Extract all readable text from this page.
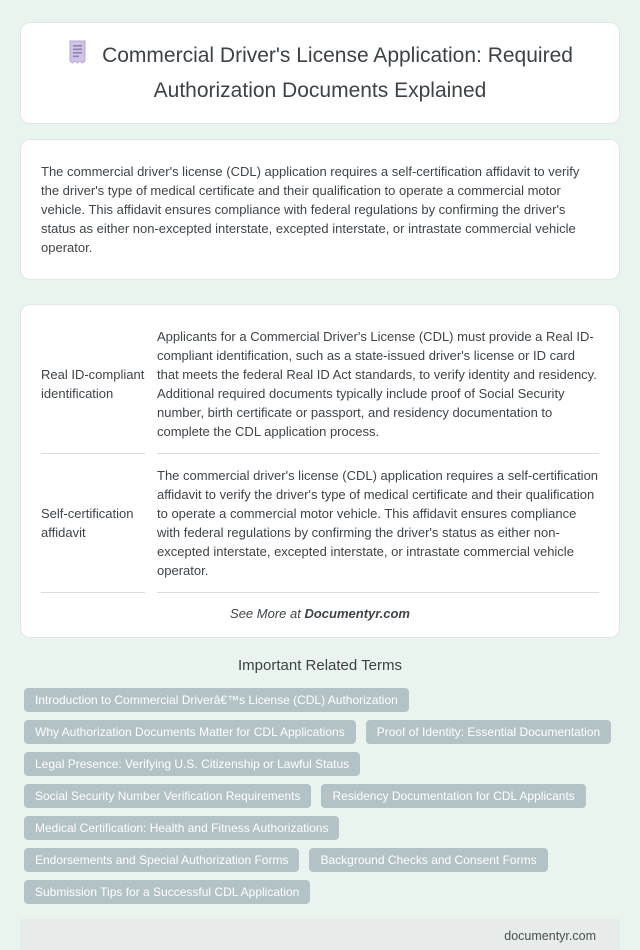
Commercial Driver's License Application: Required Authorization Documents Explained

The commercial driver's license (CDL) application requires a self-certification affidavit to verify the driver's type of medical certificate and their qualification to operate a commercial motor vehicle. This affidavit ensures compliance with federal regulations by confirming the driver's status as either non-excepted interstate, excepted interstate, or intrastate commercial vehicle operator.

Real ID-compliant identification
Applicants for a Commercial Driver's License (CDL) must provide a Real ID-compliant identification, such as a state-issued driver's license or ID card that meets the federal Real ID Act standards, to verify identity and residency. Additional required documents typically include proof of Social Security number, birth certificate or passport, and residency documentation to complete the CDL application process.
Self-certification affidavit
The commercial driver's license (CDL) application requires a self-certification affidavit to verify the driver's type of medical certificate and their qualification to operate a commercial motor vehicle. This affidavit ensures compliance with federal regulations by confirming the driver's status as either non-excepted interstate, excepted interstate, or intrastate commercial vehicle operator.
See More at Documentyr.com
Important Related Terms
Introduction to Commercial Driverâ€™s License (CDL) Authorization
Why Authorization Documents Matter for CDL Applications	Proof of Identity: Essential Documentation
Legal Presence: Verifying U.S. Citizenship or Lawful Status
Social Security Number Verification Requirements	Residency Documentation for CDL Applicants
Medical Certification: Health and Fitness Authorizations
Endorsements and Special Authorization Forms	Background Checks and Consent Forms
Submission Tips for a Successful CDL Application
documentyr.com
